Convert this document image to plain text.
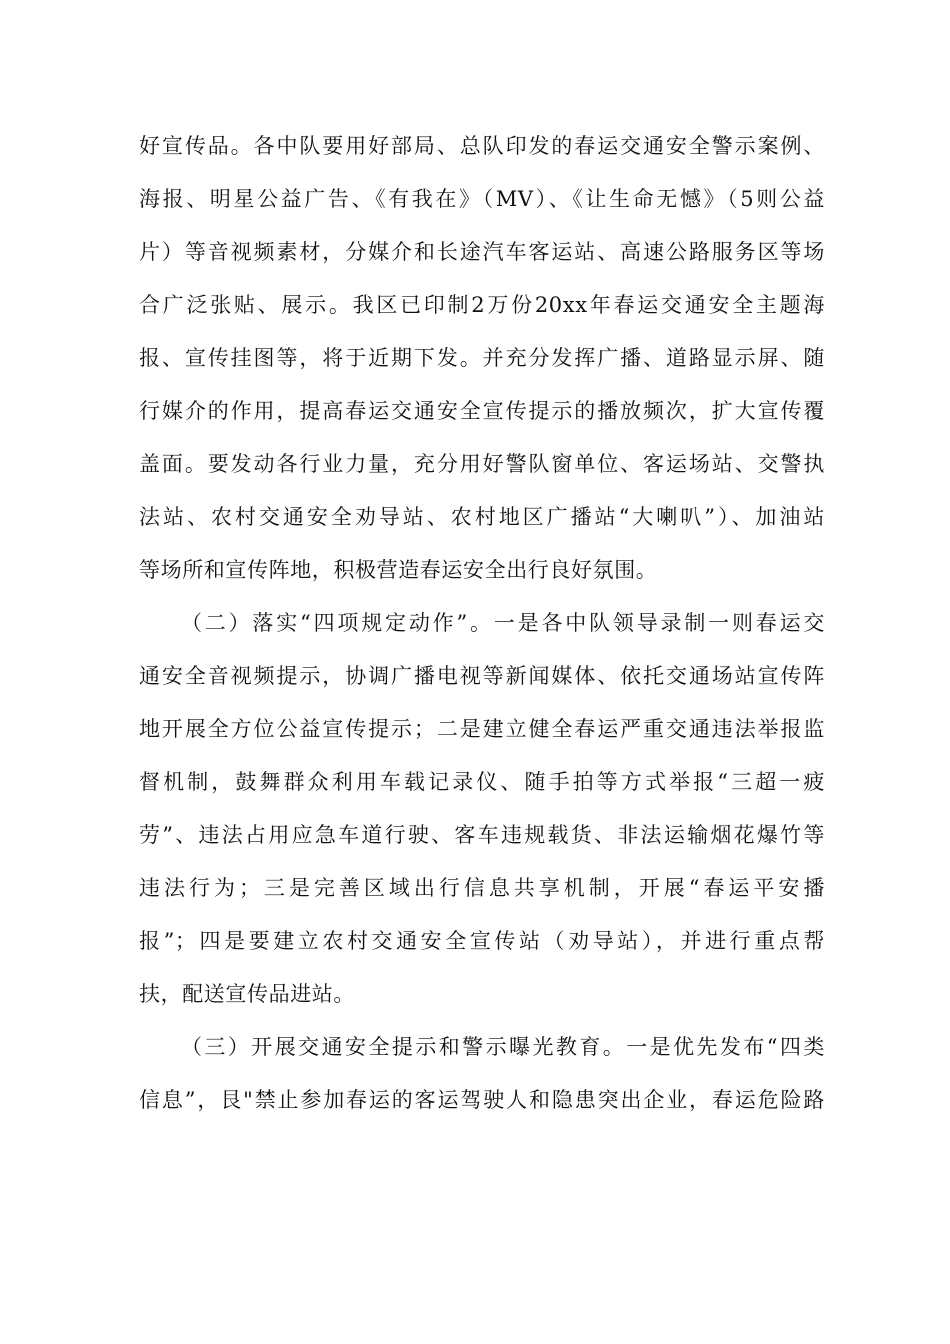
好宣传品。各中队要用好部局、总队印发的春运交通安全警示案例、
海报、明星公益广告、《有我在》（MV）、《让生命无憾》（5则公益
片）等音视频素材，分媒介和长途汽车客运站、高速公路服务区等场
合广泛张贴、展示。我区已印制2万份20xx年春运交通安全主题海
报、宣传挂图等，将于近期下发。并充分发挥广播、道路显示屏、随
行媒介的作用，提高春运交通安全宣传提示的播放频次，扩大宣传覆
盖面。要发动各行业力量，充分用好警队窗单位、客运场站、交警执
法站、农村交通安全劝导站、农村地区广播站“大喇叭”）、加油站
等场所和宣传阵地，积极营造春运安全出行良好氛围。
（二）落实“四项规定动作”。一是各中队领导录制一则春运交
通安全音视频提示，协调广播电视等新闻媒体、依托交通场站宣传阵
地开展全方位公益宣传提示；二是建立健全春运严重交通违法举报监
督机制，鼓舞群众利用车载记录仪、随手拍等方式举报“三超一疲
劳”、违法占用应急车道行驶、客车违规载货、非法运输烟花爆竹等
违法行为；三是完善区域出行信息共享机制，开展“春运平安播
报”；四是要建立农村交通安全宣传站（劝导站），并进行重点帮
扶，配送宣传品进站。
（三）开展交通安全提示和警示曝光教育。一是优先发布“四类
信息”，艮"禁止参加春运的客运驾驶人和隐患突出企业，春运危险路
